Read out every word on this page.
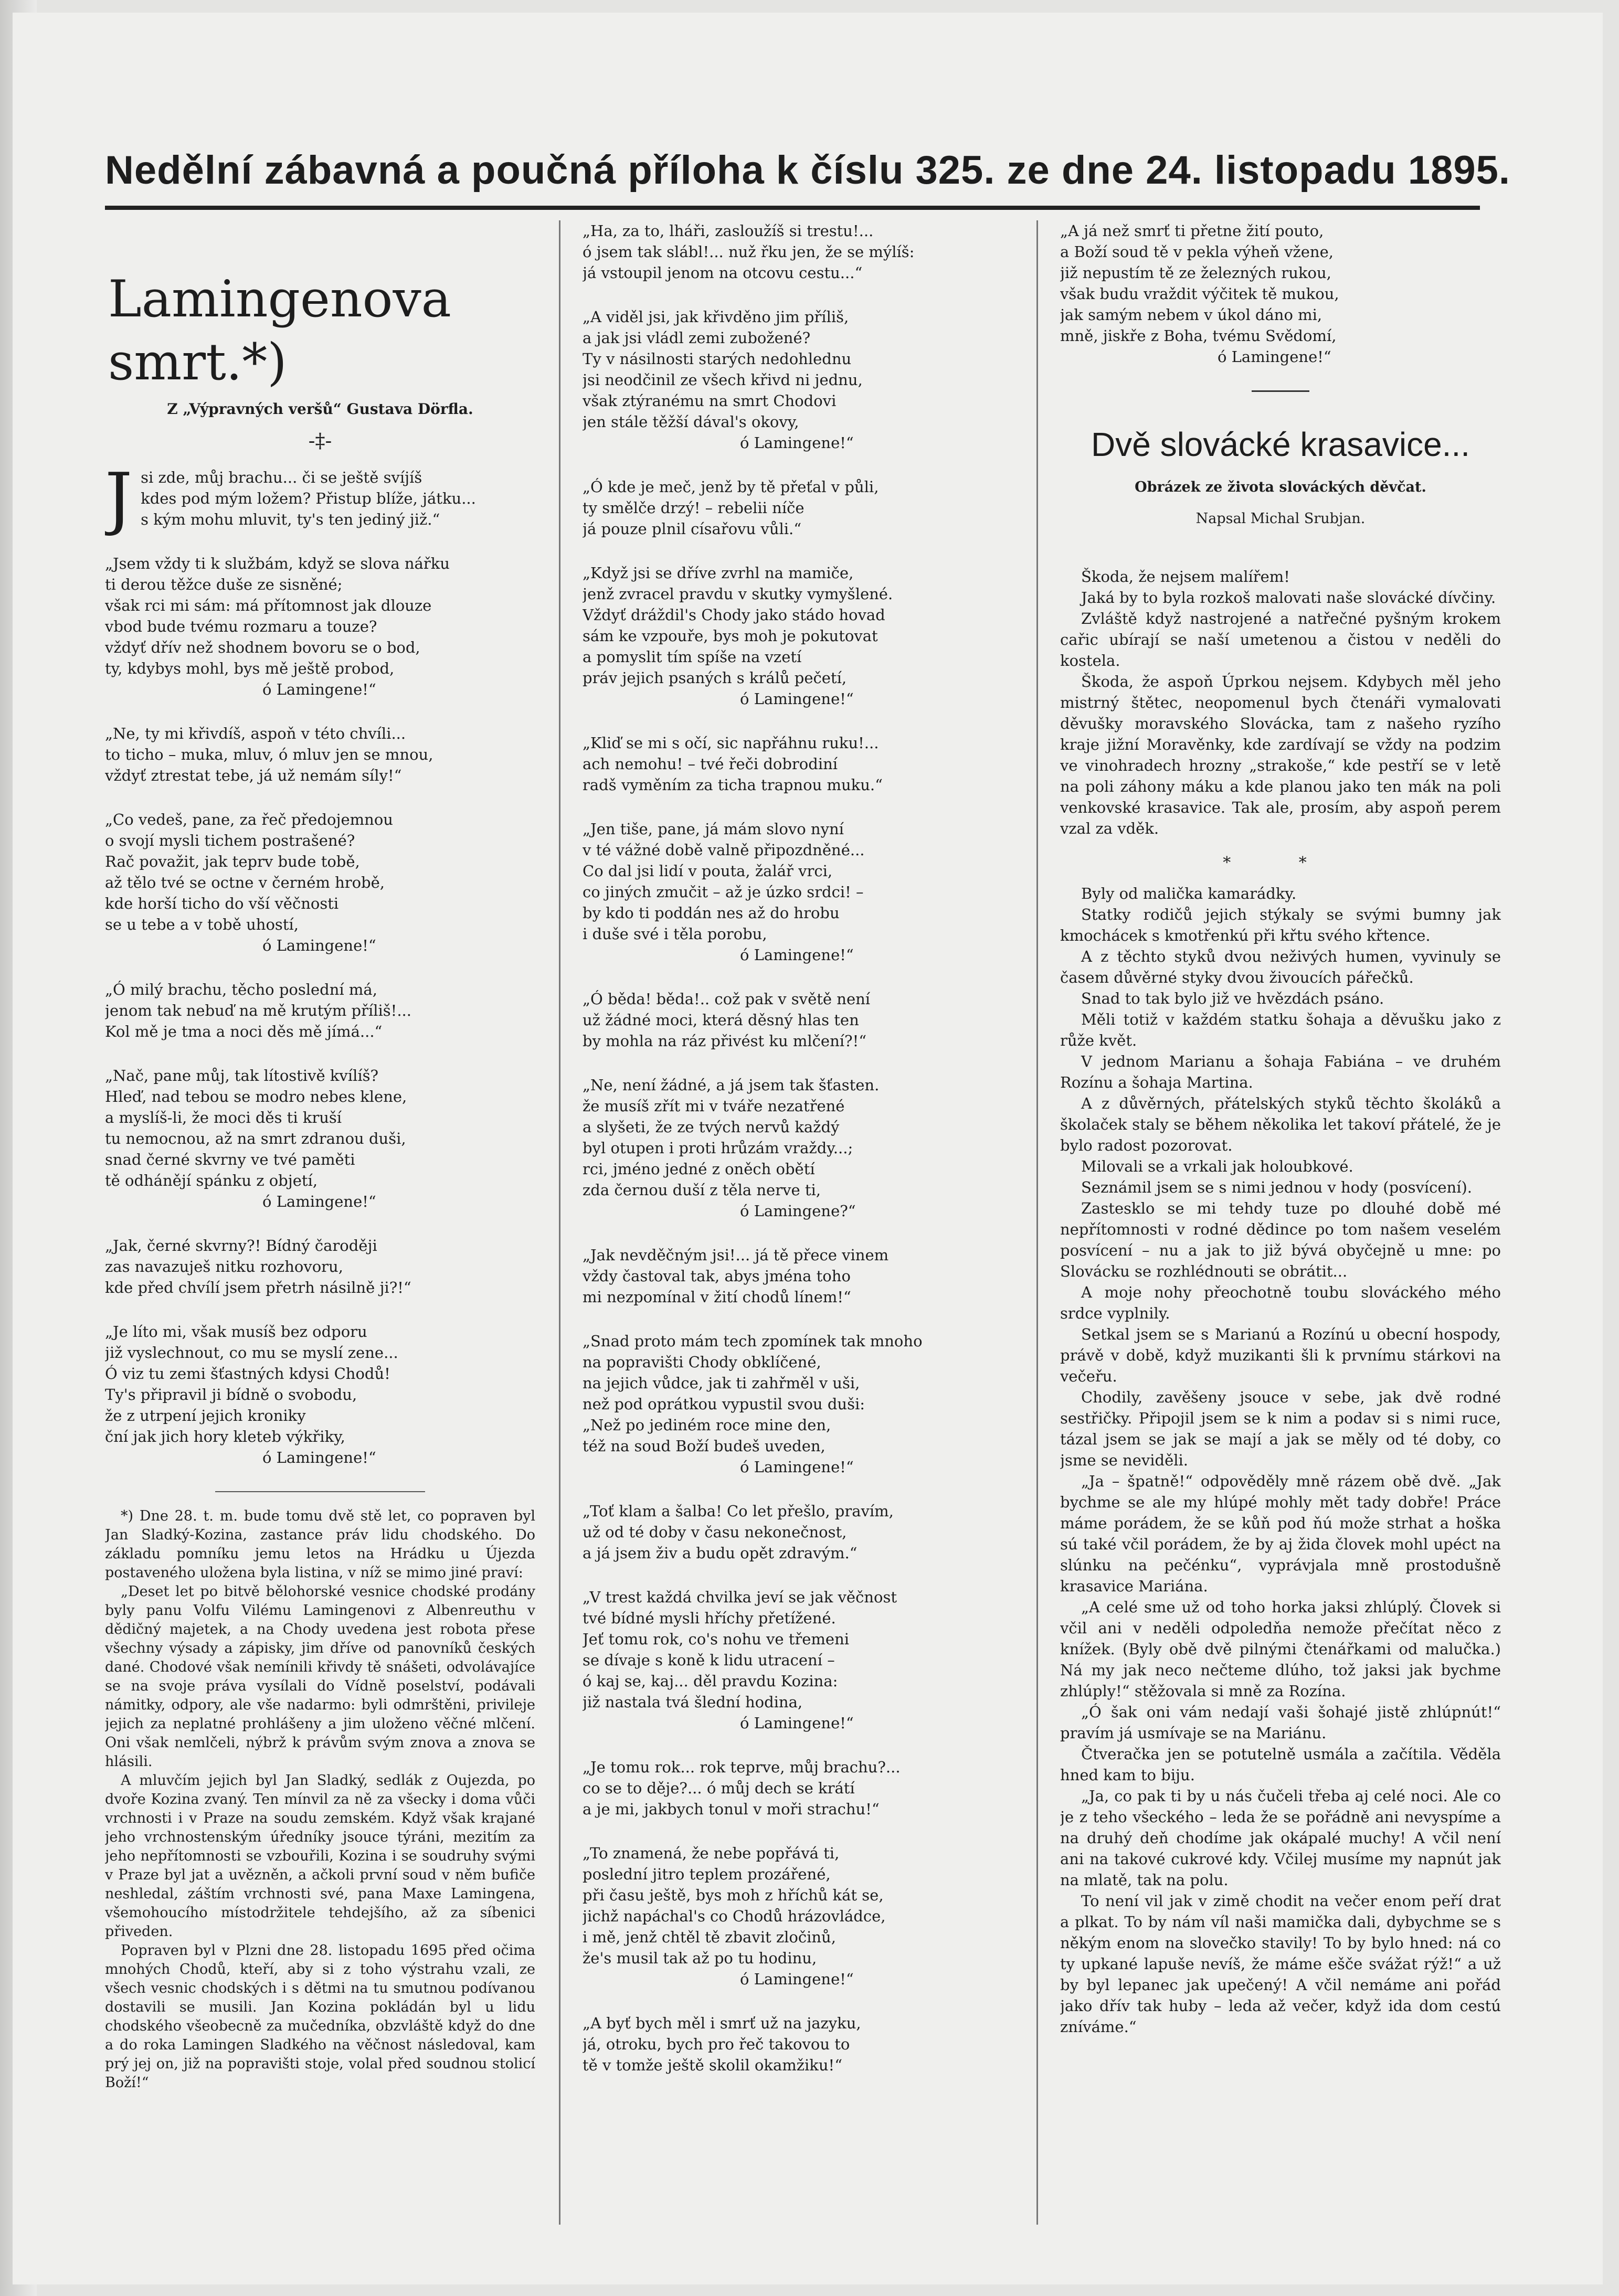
Nedělní zábavná a poučná příloha k číslu 325. ze dne 24. listopadu 1895.
Lamingenova smrt.*)
Z „Výpravných veršů“ Gustava Dörfla.
-‡-
J si zde, můj brachu... či se ještě svíjíš
kdes pod mým ložem? Přistup blíže, játku...
s kým mohu mluvit, ty's ten jediný již.“
„Jsem vždy ti k službám, když se slova nářku
ti derou těžce duše ze sisněné;
však rci mi sám: má přítomnost jak dlouze
vbod bude tvému rozmaru a touze?
vždyť dřív než shodnem bovoru se o bod,
ty, kdybys mohl, bys mě ještě probod,
ó Lamingene!“
„Ne, ty mi křivdíš, aspoň v této chvíli...
to ticho – muka, mluv, ó mluv jen se mnou,
vždyť ztrestat tebe, já už nemám síly!“
„Co vedeš, pane, za řeč předojemnou
o svojí mysli tichem postrašené?
Rač považit, jak teprv bude tobě,
až tělo tvé se octne v černém hrobě,
kde horší ticho do vší věčnosti
se u tebe a v tobě uhostí,
ó Lamingene!“
„Ó milý brachu, těcho poslední má,
jenom tak nebuď na mě krutým příliš!...
Kol mě je tma a noci děs mě jímá...“
„Nač, pane můj, tak lítostivě kvílíš?
Hleď, nad tebou se modro nebes klene,
a myslíš-li, že moci děs ti kruší
tu nemocnou, až na smrt zdranou duši,
snad černé skvrny ve tvé paměti
tě odhánějí spánku z objetí,
ó Lamingene!“
„Jak, černé skvrny?! Bídný čaroději
zas navazuješ nitku rozhovoru,
kde před chvílí jsem přetrh násilně ji?!“
„Je líto mi, však musíš bez odporu
již vyslechnout, co mu se myslí zene...
Ó viz tu zemi šťastných kdysi Chodů!
Ty's připravil ji bídně o svobodu,
že z utrpení jejich kroniky
ční jak jich hory kleteb výkřiky,
ó Lamingene!“

*) Dne 28. t. m. bude tomu dvě stě let, co popraven byl Jan Sladký-Kozina, zastance práv lidu chodského. Do základu pomníku jemu letos na Hrádku u Újezda postaveného uložena byla listina, v níž se mimo jiné praví:

„Deset let po bitvě bělohorské vesnice chodské prodány byly panu Volfu Vilému Lamingenovi z Albenreuthu v dědičný majetek, a na Chody uvedena jest robota přese všechny výsady a zápisky, jim dříve od panovníků českých dané. Chodové však nemínili křivdy tě snášeti, odvolávajíce se na svoje práva vysílali do Vídně poselství, podávali námitky, odpory, ale vše nadarmo: byli odmrštěni, privileje jejich za neplatné prohlášeny a jim uloženo věčné mlčení. Oni však nemlčeli, nýbrž k právům svým znova a znova se hlásili.

A mluvčím jejich byl Jan Sladký, sedlák z Oujezda, po dvoře Kozina zvaný. Ten mínvil za ně za všecky i doma vůči vrchnosti i v Praze na soudu zemském. Když však krajané jeho vrchnostenským úředníky jsouce týráni, mezitím za jeho nepřítomnosti se vzbouřili, Kozina i se soudruhy svými v Praze byl jat a uvězněn, a ačkoli první soud v něm bufiče neshledal, záštím vrchnosti své, pana Maxe Lamingena, všemohoucího místodržitele tehdejšího, až za síbenici přiveden.

Popraven byl v Plzni dne 28. listopadu 1695 před očima mnohých Chodů, kteří, aby si z toho výstrahu vzali, ze všech vesnic chodských i s dětmi na tu smutnou podívanou dostavili se musili. Jan Kozina pokládán byl u lidu chodského všeobecně za mučedníka, obzvláště když do dne a do roka Lamingen Sladkého na věčnost následoval, kam prý jej on, již na popravišti stoje, volal před soudnou stolicí Boží!“

„Ha, za to, lháři, zasloužíš si trestu!...
ó jsem tak slábl!... nuž řku jen, že se mýlíš:
já vstoupil jenom na otcovu cestu...“
„A viděl jsi, jak křivděno jim příliš,
a jak jsi vládl zemi zubožené?
Ty v násilnosti starých nedohlednu
jsi neodčinil ze všech křivd ni jednu,
však ztýranému na smrt Chodovi
jen stále těžší dával's okovy,
ó Lamingene!“
„Ó kde je meč, jenž by tě přeťal v půli,
ty smělče drzý! – rebelii níče
já pouze plnil císařovu vůli.“
„Když jsi se dříve zvrhl na mamiče,
jenž zvracel pravdu v skutky vymyšlené.
Vždyť dráždil's Chody jako stádo hovad
sám ke vzpouře, bys moh je pokutovat
a pomyslit tím spíše na vzetí
práv jejich psaných s králů pečetí,
ó Lamingene!“
„Kliď se mi s očí, sic napřáhnu ruku!...
ach nemohu! – tvé řeči dobrodiní
radš vyměním za ticha trapnou muku.“
„Jen tiše, pane, já mám slovo nyní
v té vážné době valně připozdněné...
Co dal jsi lidí v pouta, žalář vrci,
co jiných zmučit – až je úzko srdci! –
by kdo ti poddán nes až do hrobu
i duše své i těla porobu,
ó Lamingene!“
„Ó běda! běda!.. což pak v světě není
už žádné moci, která děsný hlas ten
by mohla na ráz přivést ku mlčení?!“
„Ne, není žádné, a já jsem tak šťasten.
že musíš zřít mi v tváře nezatřené
a slyšeti, že ze tvých nervů každý
byl otupen i proti hrůzám vraždy...;
rci, jméno jedné z oněch obětí
zda černou duší z těla nerve ti,
ó Lamingene?“
„Jak nevděčným jsi!... já tě přece vinem
vždy častoval tak, abys jména toho
mi nezpomínal v žití chodů línem!“
„Snad proto mám tech zpomínek tak mnoho
na popravišti Chody obklíčené,
na jejich vůdce, jak ti zahřměl v uši,
než pod oprátkou vypustil svou duši:
„Než po jediném roce mine den,
též na soud Boží budeš uveden,
ó Lamingene!“
„Toť klam a šalba! Co let přešlo, pravím,
už od té doby v času nekonečnost,
a já jsem živ a budu opět zdravým.“
„V trest každá chvilka jeví se jak věčnost
tvé bídné mysli hříchy přetížené.
Jeť tomu rok, co's nohu ve třemeni
se dívaje s koně k lidu utracení –
ó kaj se, kaj... děl pravdu Kozina:
již nastala tvá šlední hodina,
ó Lamingene!“
„Je tomu rok... rok teprve, můj brachu?...
co se to děje?... ó můj dech se krátí
a je mi, jakbych tonul v moři strachu!“
„To znamená, že nebe popřává ti,
poslední jitro teplem prozářené,
při času ještě, bys moh z hříchů kát se,
jichž napáchal's co Chodů hrázovládce,
i mě, jenž chtěl tě zbavit zločinů,
že's musil tak až po tu hodinu,
ó Lamingene!“
„A byť bych měl i smrť už na jazyku,
já, otroku, bych pro řeč takovou to
tě v tomže ještě skolil okamžiku!“
„A já než smrť ti přetne žití pouto,
a Boží soud tě v pekla výheň vžene,
již nepustím tě ze železných rukou,
však budu vraždit výčitek tě mukou,
jak samým nebem v úkol dáno mi,
mně, jiskře z Boha, tvému Svědomí,
ó Lamingene!“
Dvě slovácké krasavice...
Obrázek ze života slováckých děvčat.
Napsal Michal Srubjan.

Škoda, že nejsem malířem!

Jaká by to byla rozkoš malovati naše slovácké dívčiny.

Zvláště když nastrojené a natřečné pyšným krokem cařic ubírají se naší umetenou a čistou v neděli do kostela.

Škoda, že aspoň Úprkou nejsem. Kdybych měl jeho mistrný štětec, neopomenul bych čtenáři vymalovati děvušky moravského Slovácka, tam z našeho ryzího kraje jižní Moravěnky, kde zardívají se vždy na podzim ve vinohradech hrozny „strakoše,“ kde pestří se v letě na poli záhony máku a kde planou jako ten mák na poli venkovské krasavice. Tak ale, prosím, aby aspoň perem vzal za vděk.

* *

Byly od malička kamarádky.

Statky rodičů jejich stýkaly se svými bumny jak kmochácek s kmotřenkú při křtu svého křtence.

A z těchto styků dvou neživých humen, vyvinuly se časem důvěrné styky dvou živoucích pářečků.

Snad to tak bylo již ve hvězdách psáno.

Měli totiž v každém statku šohaja a děvušku jako z růže květ.

V jednom Marianu a šohaja Fabiána – ve druhém Rozínu a šohaja Martina.

A z důvěrných, přátelských styků těchto školáků a školaček staly se během několika let takoví přátelé, že je bylo radost pozorovat.

Milovali se a vrkali jak holoubkové.

Seznámil jsem se s nimi jednou v hody (posvícení).

Zastesklo se mi tehdy tuze po dlouhé době mé nepřítomnosti v rodné dědince po tom našem veselém posvícení – nu a jak to již bývá obyčejně u mne: po Slovácku se rozhlédnouti se obrátit...

A moje nohy přeochotně toubu slováckého mého srdce vyplnily.

Setkal jsem se s Marianú a Rozínú u obecní hospody, právě v době, když muzikanti šli k prvnímu stárkovi na večeřu.

Chodily, zavěšeny jsouce v sebe, jak dvě rodné sestřičky. Připojil jsem se k nim a podav si s nimi ruce, tázal jsem se jak se mají a jak se měly od té doby, co jsme se neviděli.

„Ja – špatně!“ odpověděly mně rázem obě dvě. „Jak bychme se ale my hlúpé mohly mět tady dobře! Práce máme porádem, že se kůň pod ňú može strhat a hoška sú také včil porádem, že by aj žida človek mohl upéct na slúnku na pečénku“, vyprávjala mně prostodušně krasavice Mariána.

„A celé sme už od toho horka jaksi zhlúplý. Človek si včil ani v neděli odpoledňa nemože přečítat něco z knížek. (Byly obě dvě pilnými čtenářkami od malučka.) Ná my jak neco nečteme dlúho, tož jaksi jak bychme zhlúply!“ stěžovala si mně za Rozína.

„Ó šak oni vám nedají vaši šohajé jistě zhlúpnút!“ pravím já usmívaje se na Mariánu.

Čtveračka jen se potutelně usmála a začítila. Věděla hned kam to biju.

„Ja, co pak ti by u nás čučeli třeba aj celé noci. Ale co je z teho všeckého – leda že se pořádně ani nevyspíme a na druhý deň chodíme jak okápalé muchy! A včil není ani na takové cukrové kdy. Včilej musíme my napnút jak na mlatě, tak na polu.

To není vil jak v zimě chodit na večer enom peří drat a plkat. To by nám víl naši mamička dali, dybychme se s někým enom na slovečko stavily! To by bylo hned: ná co ty upkané lapuše nevíš, že máme ešče svážat rýž!“ a už by byl lepanec jak upečený! A včil nemáme ani pořád jako dřív tak huby – leda až večer, když ida dom cestú zníváme.“
